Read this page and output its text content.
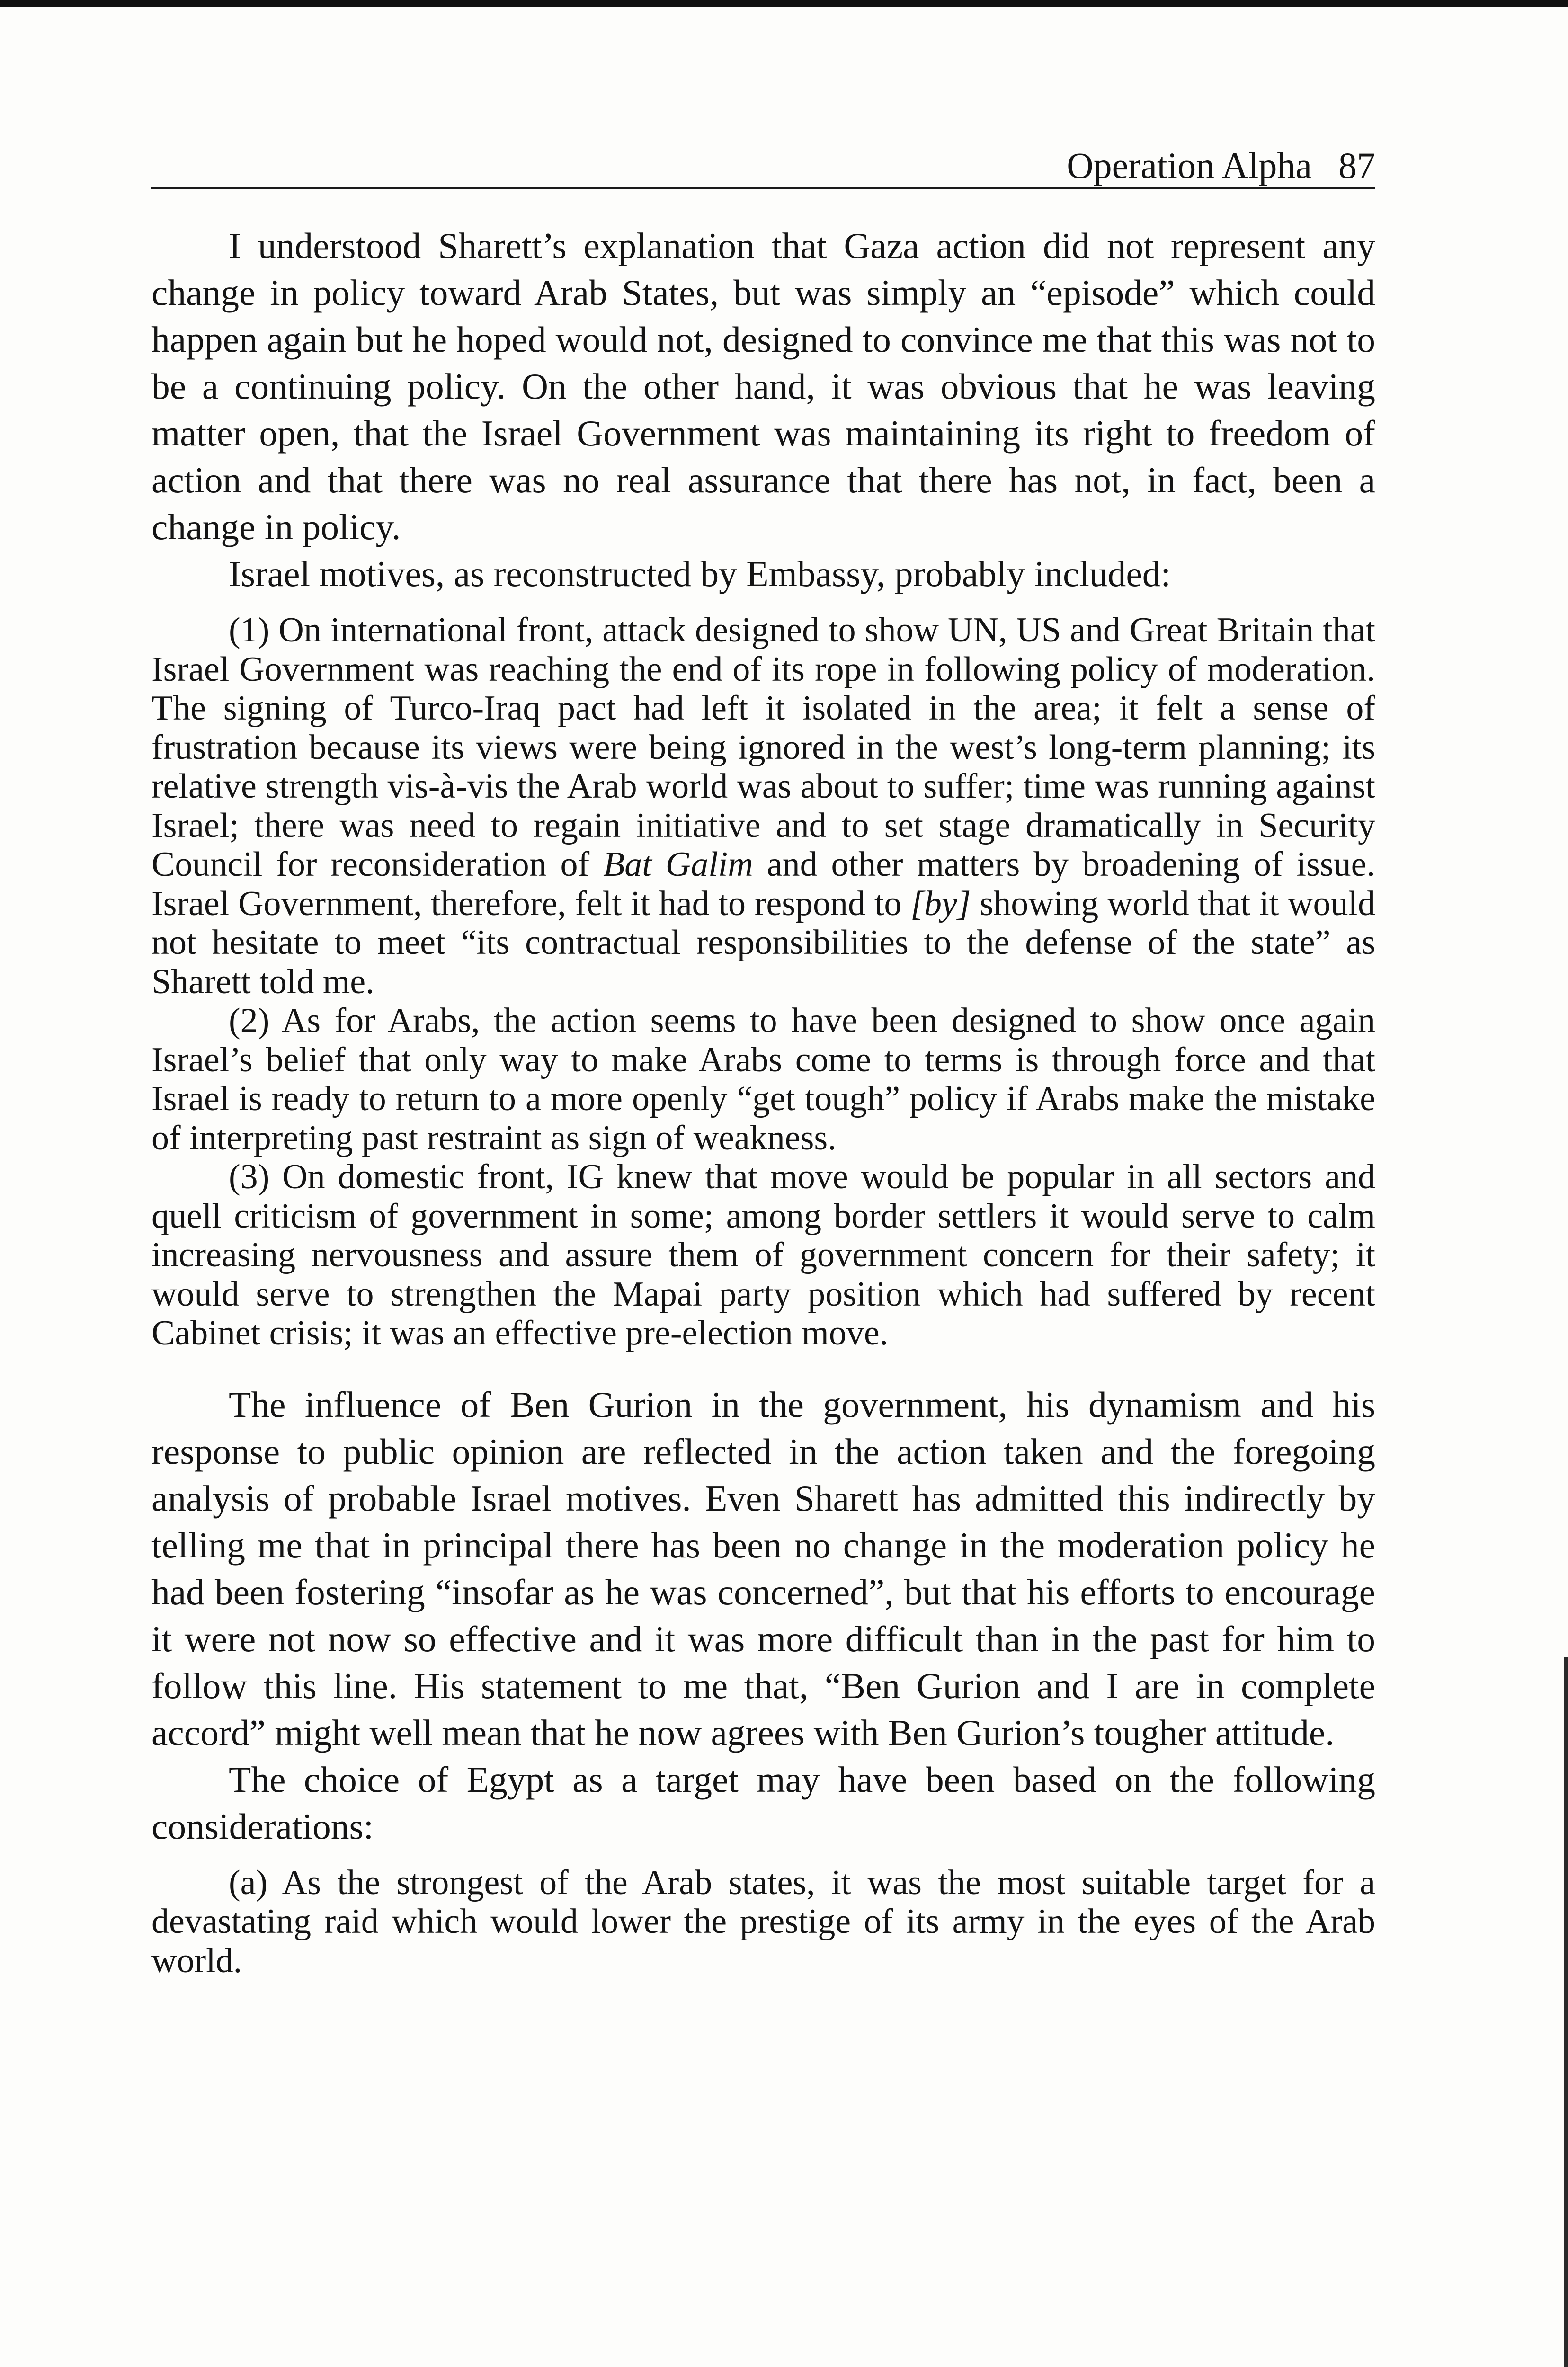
Operation Alpha 87

I understood Sharett’s explanation that Gaza action did not represent any change in policy toward Arab States, but was simply an “episode” which could happen again but he hoped would not, designed to convince me that this was not to be a continuing policy. On the other hand, it was obvious that he was leaving matter open, that the Israel Government was maintaining its right to freedom of action and that there was no real assurance that there has not, in fact, been a change in policy.

Israel motives, as reconstructed by Embassy, probably included:

(1) On international front, attack designed to show UN, US and Great Britain that Israel Government was reaching the end of its rope in following policy of moderation. The signing of Turco-Iraq pact had left it isolated in the area; it felt a sense of frustration because its views were being ignored in the west’s long-term planning; its relative strength vis-à-vis the Arab world was about to suffer; time was running against Israel; there was need to regain initiative and to set stage dramatically in Security Council for reconsideration of Bat Galim and other matters by broadening of issue. Israel Government, therefore, felt it had to respond to [by] showing world that it would not hesitate to meet “its contractual responsibilities to the defense of the state” as Sharett told me.

(2) As for Arabs, the action seems to have been designed to show once again Israel’s belief that only way to make Arabs come to terms is through force and that Israel is ready to return to a more openly “get tough” policy if Arabs make the mistake of interpreting past restraint as sign of weakness.

(3) On domestic front, IG knew that move would be popular in all sectors and quell criticism of government in some; among border settlers it would serve to calm increasing nervousness and assure them of government concern for their safety; it would serve to strengthen the Mapai party position which had suffered by recent Cabinet crisis; it was an effective pre-election move.

The influence of Ben Gurion in the government, his dynamism and his response to public opinion are reflected in the action taken and the foregoing analysis of probable Israel motives. Even Sharett has admitted this indirectly by telling me that in principal there has been no change in the moderation policy he had been fostering “insofar as he was concerned”, but that his efforts to encourage it were not now so effective and it was more difficult than in the past for him to follow this line. His statement to me that, “Ben Gurion and I are in complete accord” might well mean that he now agrees with Ben Gurion’s tougher attitude.

The choice of Egypt as a target may have been based on the following considerations:

(a) As the strongest of the Arab states, it was the most suitable target for a devastating raid which would lower the prestige of its army in the eyes of the Arab world.
